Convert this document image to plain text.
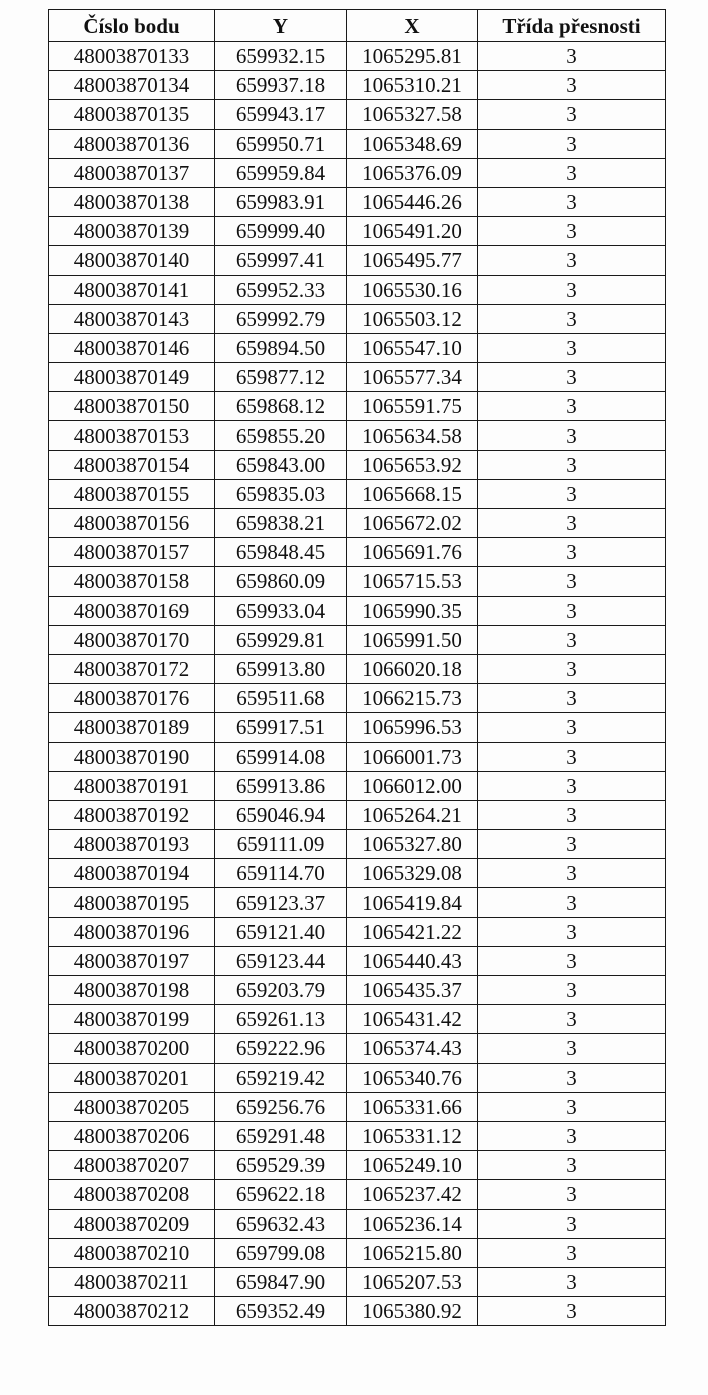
Číslo bodu	Y	X	Třída přesnosti
48003870133	659932.15	1065295.81	3
48003870134	659937.18	1065310.21	3
48003870135	659943.17	1065327.58	3
48003870136	659950.71	1065348.69	3
48003870137	659959.84	1065376.09	3
48003870138	659983.91	1065446.26	3
48003870139	659999.40	1065491.20	3
48003870140	659997.41	1065495.77	3
48003870141	659952.33	1065530.16	3
48003870143	659992.79	1065503.12	3
48003870146	659894.50	1065547.10	3
48003870149	659877.12	1065577.34	3
48003870150	659868.12	1065591.75	3
48003870153	659855.20	1065634.58	3
48003870154	659843.00	1065653.92	3
48003870155	659835.03	1065668.15	3
48003870156	659838.21	1065672.02	3
48003870157	659848.45	1065691.76	3
48003870158	659860.09	1065715.53	3
48003870169	659933.04	1065990.35	3
48003870170	659929.81	1065991.50	3
48003870172	659913.80	1066020.18	3
48003870176	659511.68	1066215.73	3
48003870189	659917.51	1065996.53	3
48003870190	659914.08	1066001.73	3
48003870191	659913.86	1066012.00	3
48003870192	659046.94	1065264.21	3
48003870193	659111.09	1065327.80	3
48003870194	659114.70	1065329.08	3
48003870195	659123.37	1065419.84	3
48003870196	659121.40	1065421.22	3
48003870197	659123.44	1065440.43	3
48003870198	659203.79	1065435.37	3
48003870199	659261.13	1065431.42	3
48003870200	659222.96	1065374.43	3
48003870201	659219.42	1065340.76	3
48003870205	659256.76	1065331.66	3
48003870206	659291.48	1065331.12	3
48003870207	659529.39	1065249.10	3
48003870208	659622.18	1065237.42	3
48003870209	659632.43	1065236.14	3
48003870210	659799.08	1065215.80	3
48003870211	659847.90	1065207.53	3
48003870212	659352.49	1065380.92	3
